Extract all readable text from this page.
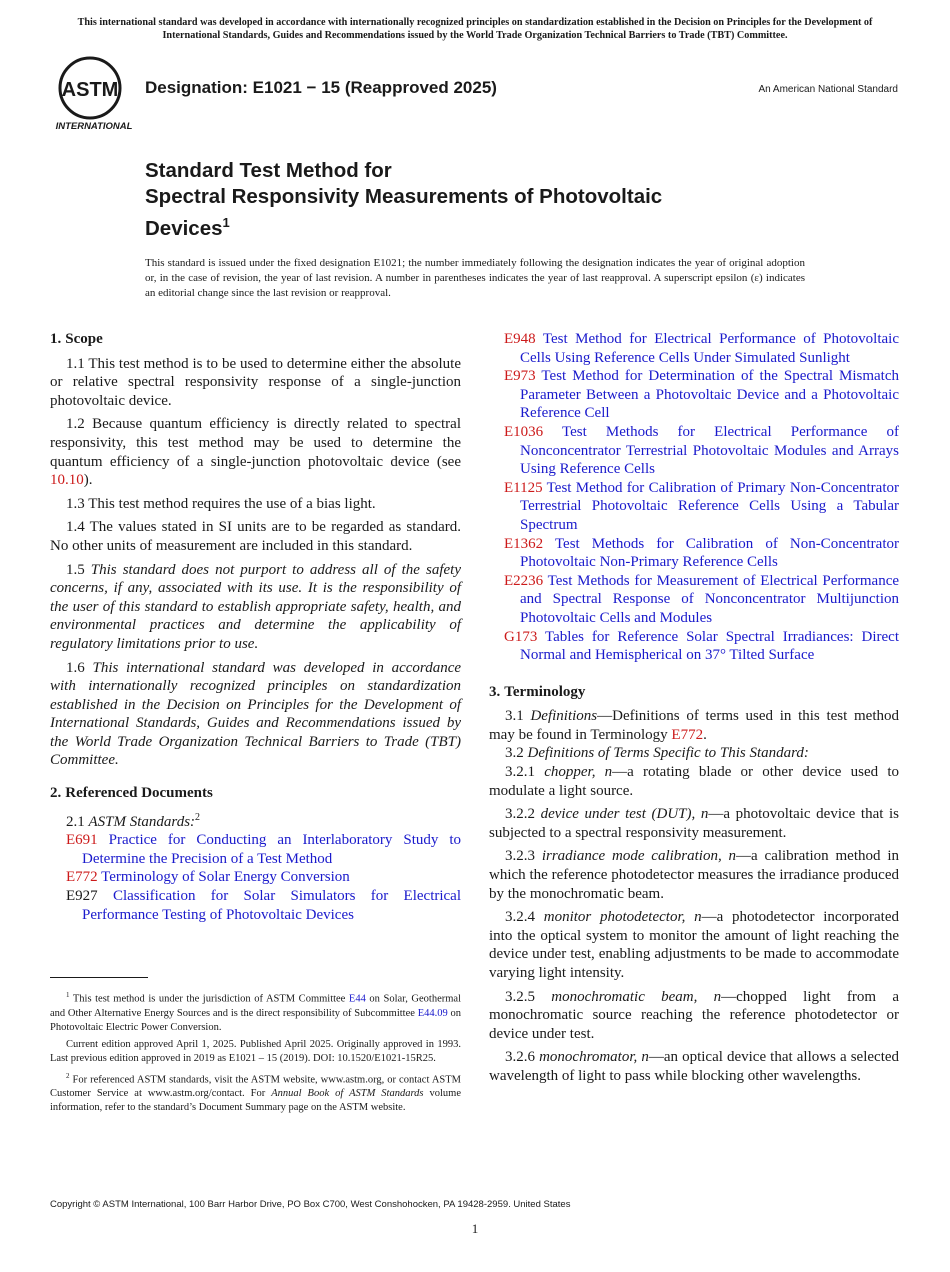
This international standard was developed in accordance with internationally recognized principles on standardization established in the Decision on Principles for the Development of International Standards, Guides and Recommendations issued by the World Trade Organization Technical Barriers to Trade (TBT) Committee.
ASTM
INTERNATIONAL
Designation: E1021 − 15 (Reapproved 2025)	An American National Standard
Standard Test Method for
Spectral Responsivity Measurements of Photovoltaic
Devices$^1$
This standard is issued under the fixed designation E1021; the number immediately following the designation indicates the year of original adoption or, in the case of revision, the year of last revision. A number in parentheses indicates the year of last reapproval. A superscript epsilon (ε) indicates an editorial change since the last revision or reapproval.
1. Scope

1.1 This test method is to be used to determine either the absolute or relative spectral responsivity response of a single-junction photovoltaic device.

1.2 Because quantum efficiency is directly related to spectral responsivity, this test method may be used to determine the quantum efficiency of a single-junction photovoltaic device (see 10.10).

1.3 This test method requires the use of a bias light.

1.4 The values stated in SI units are to be regarded as standard. No other units of measurement are included in this standard.

1.5 This standard does not purport to address all of the safety concerns, if any, associated with its use. It is the responsibility of the user of this standard to establish appropriate safety, health, and environmental practices and determine the applicability of regulatory limitations prior to use.

1.6 This international standard was developed in accordance with internationally recognized principles on standardization established in the Decision on Principles for the Development of International Standards, Guides and Recommendations issued by the World Trade Organization Technical Barriers to Trade (TBT) Committee.

2. Referenced Documents

2.1 ASTM Standards:$^2$

E691 Practice for Conducting an Interlaboratory Study to Determine the Precision of a Test Method

E772 Terminology of Solar Energy Conversion

E927 Classification for Solar Simulators for Electrical Performance Testing of Photovoltaic Devices

E948 Test Method for Electrical Performance of Photovoltaic Cells Using Reference Cells Under Simulated Sunlight

E973 Test Method for Determination of the Spectral Mismatch Parameter Between a Photovoltaic Device and a Photovoltaic Reference Cell

E1036 Test Methods for Electrical Performance of Nonconcentrator Terrestrial Photovoltaic Modules and Arrays Using Reference Cells

E1125 Test Method for Calibration of Primary Non-Concentrator Terrestrial Photovoltaic Reference Cells Using a Tabular Spectrum

E1362 Test Methods for Calibration of Non-Concentrator Photovoltaic Non-Primary Reference Cells

E2236 Test Methods for Measurement of Electrical Performance and Spectral Response of Nonconcentrator Multijunction Photovoltaic Cells and Modules

G173 Tables for Reference Solar Spectral Irradiances: Direct Normal and Hemispherical on 37° Tilted Surface

3. Terminology

3.1 Definitions—Definitions of terms used in this test method may be found in Terminology E772.

3.2 Definitions of Terms Specific to This Standard:

3.2.1 chopper, n—a rotating blade or other device used to modulate a light source.

3.2.2 device under test (DUT), n—a photovoltaic device that is subjected to a spectral responsivity measurement.

3.2.3 irradiance mode calibration, n—a calibration method in which the reference photodetector measures the irradiance produced by the monochromatic beam.

3.2.4 monitor photodetector, n—a photodetector incorporated into the optical system to monitor the amount of light reaching the device under test, enabling adjustments to be made to accommodate varying light intensity.

3.2.5 monochromatic beam, n—chopped light from a monochromatic source reaching the reference photodetector or device under test.

3.2.6 monochromator, n—an optical device that allows a selected wavelength of light to pass while blocking other wavelengths.

$^1$ This test method is under the jurisdiction of ASTM Committee E44 on Solar, Geothermal and Other Alternative Energy Sources and is the direct responsibility of Subcommittee E44.09 on Photovoltaic Electric Power Conversion.

Current edition approved April 1, 2025. Published April 2025. Originally approved in 1993. Last previous edition approved in 2019 as E1021 – 15 (2019). DOI: 10.1520/E1021-15R25.

$^2$ For referenced ASTM standards, visit the ASTM website, www.astm.org, or contact ASTM Customer Service at www.astm.org/contact. For Annual Book of ASTM Standards volume information, refer to the standard’s Document Summary page on the ASTM website.

Copyright © ASTM International, 100 Barr Harbor Drive, PO Box C700, West Conshohocken, PA 19428-2959. United States
1
